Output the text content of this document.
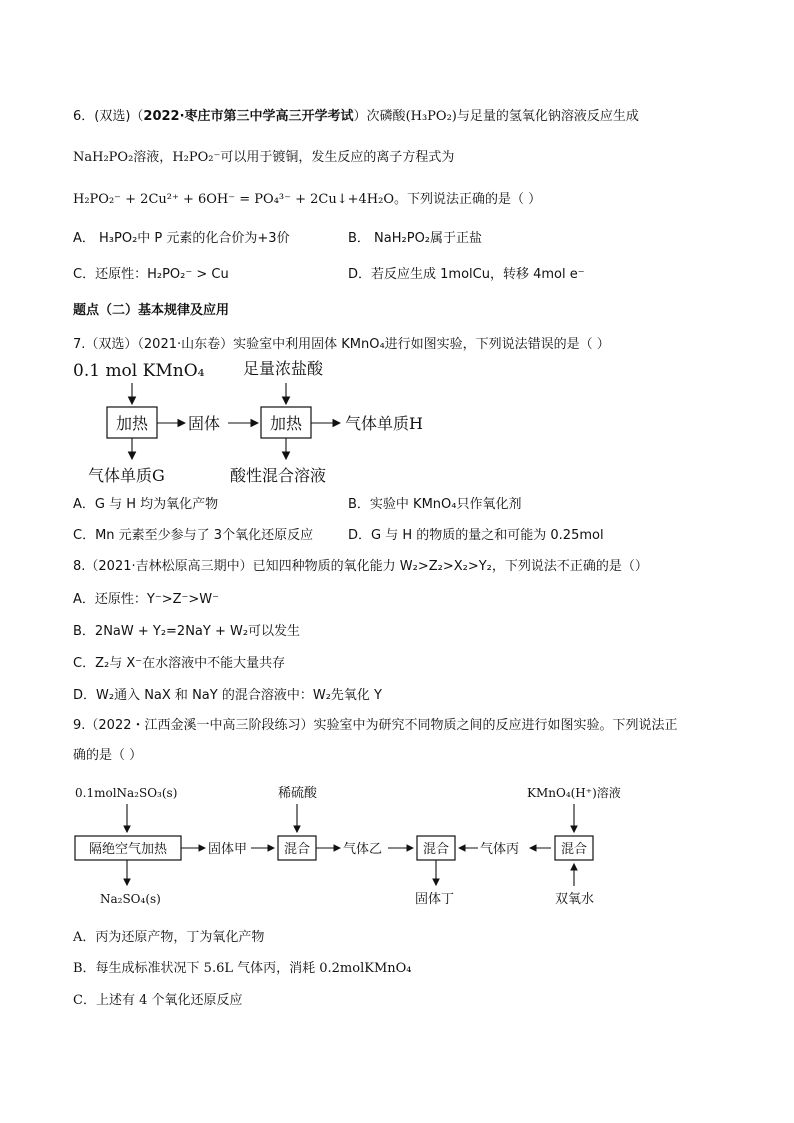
6．(双选)（2022·枣庄市第三中学高三开学考试）次磷酸(H₃PO₂)与足量的氢氧化钠溶液反应生成
NaH₂PO₂溶液，H₂PO₂⁻可以用于镀铜，发生反应的离子方程式为
H₂PO₂⁻ + 2Cu²⁺ + 6OH⁻ = PO₄³⁻ + 2Cu↓+4H₂O。下列说法正确的是（ ）
A． H₃PO₂中 P 元素的化合价为+3价	B． NaH₂PO₂属于正盐
C．还原性：H₂PO₂⁻ > Cu	D．若反应生成 1molCu，转移 4mol e⁻
题点（二）基本规律及应用
7.（双选）（2021·山东卷）实验室中利用固体 KMnO₄进行如图实验，下列说法错误的是（ ）
0.1 mol KMnO₄ 足量浓盐酸
加热 固体	加热	气体单质H
气体单质G	酸性混合溶液
A．G 与 H 均为氧化产物	B．实验中 KMnO₄只作氧化剂
C．Mn 元素至少参与了 3个氧化还原反应	D．G 与 H 的物质的量之和可能为 0.25mol
8.（2021·吉林松原高三期中）已知四种物质的氧化能力 W₂>Z₂>X₂>Y₂，下列说法不正确的是（）
A．还原性：Y⁻>Z⁻>W⁻
B．2NaW + Y₂=2NaY + W₂可以发生
C．Z₂与 X⁻在水溶液中不能大量共存
D．W₂通入 NaX 和 NaY 的混合溶液中：W₂先氧化 Y
9.（2022・江西金溪一中高三阶段练习）实验室中为研究不同物质之间的反应进行如图实验。下列说法正
确的是（ ）
0.1molNa₂SO₃(s)	稀硫酸	KMnO₄(H⁺)溶液
隔绝空气加热	固体甲	混合	气体乙	混合 气体丙	混合
Na₂SO₄(s)	固体丁	双氧水
A．丙为还原产物，丁为氧化产物
B．每生成标准状况下 5.6L 气体丙，消耗 0.2molKMnO₄
C．上述有 4 个氧化还原反应
